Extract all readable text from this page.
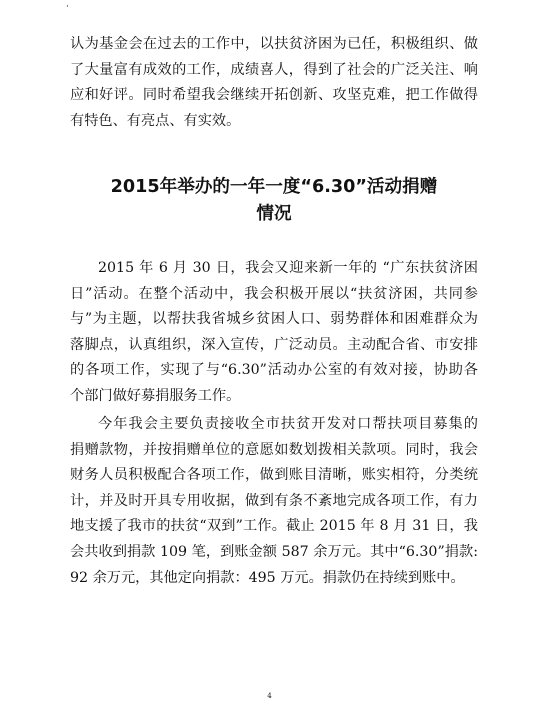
·
认为基金会在过去的工作中，以扶贫济困为已任，积极组织、做
了大量富有成效的工作，成绩喜人，得到了社会的广泛关注、响
应和好评。同时希望我会继续开拓创新、攻坚克难，把工作做得
有特色、有亮点、有实效。
2015年举办的一年一度“6.30”活动捐赠
情况
2015 年 6 月 30 日，我会又迎来新一年的 “广东扶贫济困
日”活动。在整个活动中，我会积极开展以“扶贫济困，共同参
与”为主题，以帮扶我省城乡贫困人口、弱势群体和困难群众为
落脚点，认真组织，深入宣传，广泛动员。主动配合省、市安排
的各项工作，实现了与“6.30”活动办公室的有效对接，协助各
个部门做好募捐服务工作。
今年我会主要负责接收全市扶贫开发对口帮扶项目募集的
捐赠款物，并按捐赠单位的意愿如数划拨相关款项。同时，我会
财务人员积极配合各项工作，做到账目清晰，账实相符，分类统
计，并及时开具专用收据，做到有条不紊地完成各项工作，有力
地支援了我市的扶贫“双到”工作。截止 2015 年 8 月 31 日，我
会共收到捐款 109 笔，到账金额 587 余万元。其中“6.30”捐款:
92 余万元，其他定向捐款：495 万元。捐款仍在持续到账中。
4
